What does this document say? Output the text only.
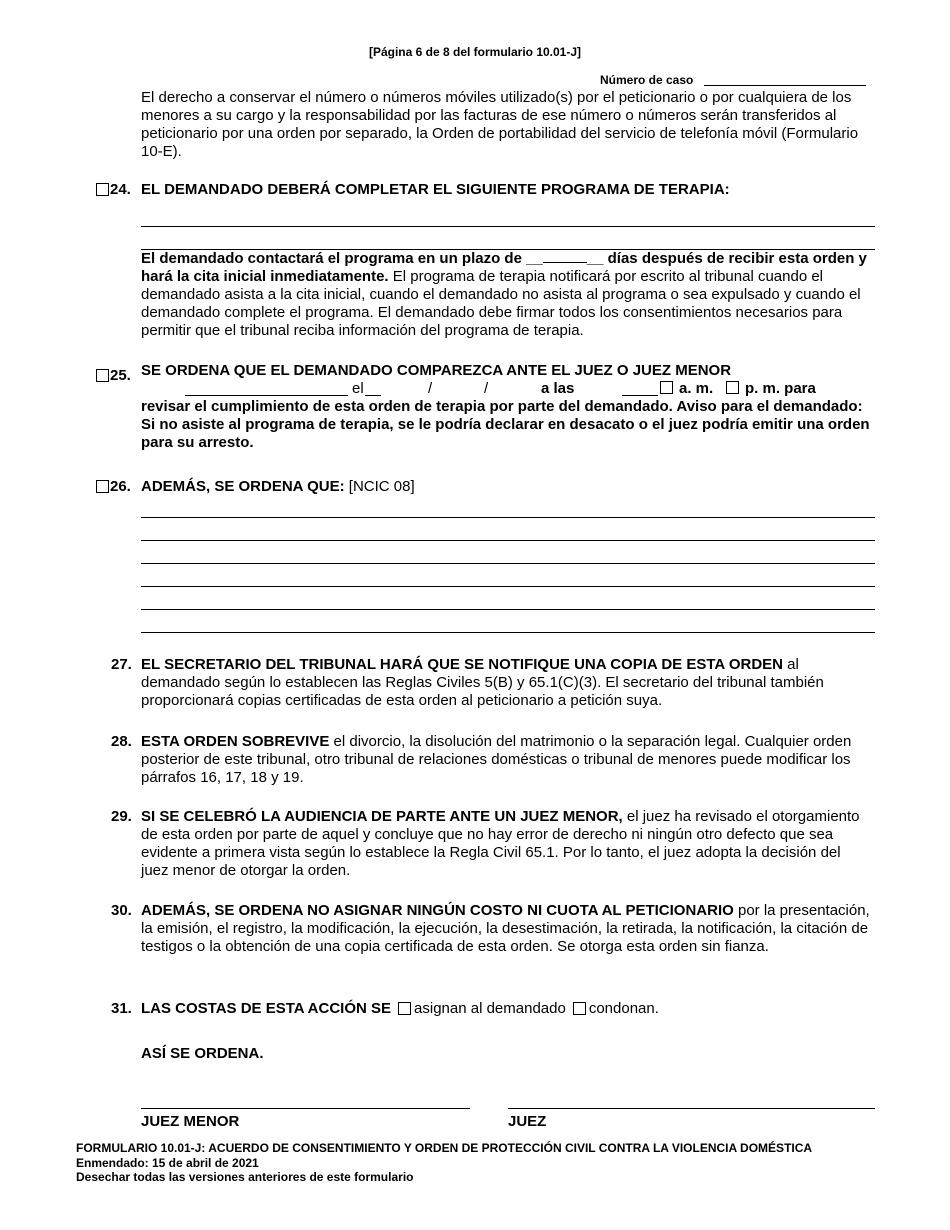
[Página 6 de 8 del formulario 10.01-J]
Número de caso

El derecho a conservar el número o números móviles utilizado(s) por el peticionario o por cualquiera de los menores a su cargo y la responsabilidad por las facturas de ese número o números serán transferidos al peticionario por una orden por separado, la Orden de portabilidad del servicio de telefonía móvil (Formulario 10-E).

24. EL DEMANDADO DEBERÁ COMPLETAR EL SIGUIENTE PROGRAMA DE TERAPIA:

El demandado contactará el programa en un plazo de __	__ días después de recibir esta orden y hará la cita inicial inmediatamente. El programa de terapia notificará por escrito al tribunal cuando el demandado asista a la cita inicial, cuando el demandado no asista al programa o sea expulsado y cuando el demandado complete el programa. El demandado debe firmar todos los consentimientos necesarios para permitir que el tribunal reciba información del programa de terapia.

25. SE ORDENA QUE EL DEMANDADO COMPAREZCA ANTE EL JUEZ O JUEZ MENOR
el	/	/	a las	a. m. p. m. para

revisar el cumplimiento de esta orden de terapia por parte del demandado. Aviso para el demandado: Si no asiste al programa de terapia, se le podría declarar en desacato o el juez podría emitir una orden para su arresto.

26. ADEMÁS, SE ORDENA QUE: [NCIC 08]
27. EL SECRETARIO DEL TRIBUNAL HARÁ QUE SE NOTIFIQUE UNA COPIA DE ESTA ORDEN al demandado según lo establecen las Reglas Civiles 5(B) y 65.1(C)(3). El secretario del tribunal también proporcionará copias certificadas de esta orden al peticionario a petición suya.

28. ESTA ORDEN SOBREVIVE el divorcio, la disolución del matrimonio o la separación legal. Cualquier orden posterior de este tribunal, otro tribunal de relaciones domésticas o tribunal de menores puede modificar los párrafos 16, 17, 18 y 19.

29. SI SE CELEBRÓ LA AUDIENCIA DE PARTE ANTE UN JUEZ MENOR, el juez ha revisado el otorgamiento de esta orden por parte de aquel y concluye que no hay error de derecho ni ningún otro defecto que sea evidente a primera vista según lo establece la Regla Civil 65.1. Por lo tanto, el juez adopta la decisión del juez menor de otorgar la orden.

30. ADEMÁS, SE ORDENA NO ASIGNAR NINGÚN COSTO NI CUOTA AL PETICIONARIO por la presentación, la emisión, el registro, la modificación, la ejecución, la desestimación, la retirada, la notificación, la citación de testigos o la obtención de una copia certificada de esta orden. Se otorga esta orden sin fianza.

31. LAS COSTAS DE ESTA ACCIÓN SE asignan al demandado condonan.
ASÍ SE ORDENA.
JUEZ MENOR	JUEZ
FORMULARIO 10.01-J: ACUERDO DE CONSENTIMIENTO Y ORDEN DE PROTECCIÓN CIVIL CONTRA LA VIOLENCIA DOMÉSTICA
Enmendado: 15 de abril de 2021
Desechar todas las versiones anteriores de este formulario
